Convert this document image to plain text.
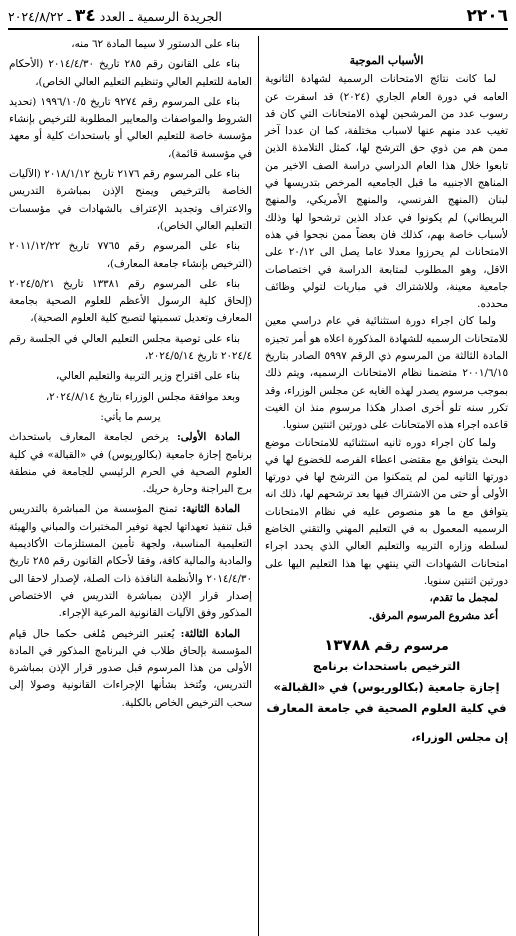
٢٢٠٦
الجريدة الرسمية ـ العدد ٣٤ ـ ٢٠٢٤/٨/٢٢
الأسباب الموجبة

لما كانت نتائج الامتحانات الرسمية لشهادة الثانوية العامه في دورة العام الجاري (٢٠٢٤) قد اسفرت عن رسوب عدد من المرشحين لهذه الامتحانات التي كان قد تغيب عدد منهم عنها لاسباب مختلفة، كما ان عددا آخر ممن هم من ذوي حق الترشح لها، كمثل التلامذة الذين تابعوا خلال هذا العام الدراسي دراسة الصف الاخير من المناهج الاجنبيه ما قبل الجامعيه المرخص بتدريسها في لبنان (المنهج الفرنسي، والمنهج الأمريكي، والمنهج البريطاني) لم يكونوا في عداد الذين ترشحوا لها وذلك لأسباب خاصة بهم، كذلك فان بعضاً ممن نجحوا في هذه الامتحانات لم يحرزوا معدلا عاما يصل الى ٢٠/١٢ على الاقل، وهو المطلوب لمتابعة الدراسة في اختصاصات جامعية معينة، وللاشتراك في مباريات لتولي وظائف محدده.

ولما كان اجراء دورة استثنائية في عام دراسي معين للامتحانات الرسميه للشهادة المذكورة اعلاه هو أمر تجيزه المادة الثالثة من المرسوم ذي الرقم ٥٩٩٧ الصادر بتاريخ ٢٠٠١/٦/١٥ متضمنا نظام الامتحانات الرسميه، ويتم ذلك بموجب مرسوم يصدر لهذه الغايه عن مجلس الوزراء، وقد تكرر سنه تلو أخرى اصدار هكذا مرسوم منذ ان الغيت قاعده اجراء هذه الامتحانات على دورتين اثنتين سنويا.

ولما كان اجراء دوره ثانيه استثنائيه للامتحانات موضع البحث يتوافق مع مقتضى اعطاء الفرصه للخضوع لها في دورتها الثانيه لمن لم يتمكنوا من الترشح لها في دورتها الأولى أو حتى من الاشتراك فيها بعد ترشحهم لها، ذلك انه يتوافق مع ما هو منصوص عليه في نظام الامتحانات الرسميه المعمول به في التعليم المهني والتقني الخاضع لسلطه وزاره التربيه والتعليم العالي الذي يحدد اجراء امتحانات الشهادات التي ينتهي بها هذا التعليم اليها على دورتين اثنتين سنويا.

لمجمل ما تقدم،

أعد مشروع المرسوم المرفق.

مرسوم رقم ١٣٧٨٨
الترخيص باستحداث برنامج
إجازة جامعية (بكالوريوس) في «القبالة»
في كلية العلوم الصحية في جامعة المعارف

إن مجلس الوزراء،

بناء على الدستور لا سيما المادة ٦٢ منه،

بناء على القانون رقم ٢٨٥ تاريخ ٢٠١٤/٤/٣٠ (الأحكام العامة للتعليم العالي وتنظيم التعليم العالي الخاص)،

بناء على المرسوم رقم ٩٢٧٤ تاريخ ١٩٩٦/١٠/٥ (تحديد الشروط والمواصفات والمعايير المطلوبة للترخيص بإنشاء مؤسسة خاصة للتعليم العالي أو باستحداث كلية أو معهد في مؤسسة قائمة)،

بناء على المرسوم رقم ٢١٧٦ تاريخ ٢٠١٨/١/١٢ (الآليات الخاصة بالترخيص ويمنح الإذن بمباشرة التدريس والاعتراف وتجديد الإعتراف بالشهادات في مؤسسات التعليم العالي الخاص)،

بناء على المرسوم رقم ٧٧٦٥ تاريخ ٢٠١١/١٢/٢٢ (الترخيص بإنشاء جامعة المعارف)،

بناء على المرسوم رقم ١٣٣٨١ تاريخ ٢٠٢٤/٥/٢١ (إلحاق كلية الرسول الأعظم للعلوم الصحية بجامعة المعارف وتعديل تسميتها لتصبح كلية العلوم الصحية)،

بناء على توصية مجلس التعليم العالي في الجلسة رقم ٢٠٢٤/٤ تاريخ ٢٠٢٤/٥/١٤،

بناء على اقتراح وزير التربية والتعليم العالي،

وبعد موافقة مجلس الوزراء بتاريخ ٢٠٢٤/٨/١٤،

يرسم ما يأتي:

المادة الأولى: يرخص لجامعة المعارف باستحداث برنامج إجازة جامعية (بكالوريوس) في «القبالة» في كلية العلوم الصحية في الحرم الرئيسي للجامعة في منطقة برج البراجنة وحارة حريك.

المادة الثانية: تمنح المؤسسة من المباشرة بالتدريس قبل تنفيذ تعهداتها لجهة توفير المختبرات والمباني والهيئة التعليمية المناسبة، ولجهة تأمين المستلزمات الأكاديمية والمادية والمالية كافة، وفقا لأحكام القانون رقم ٢٨٥ تاريخ ٢٠١٤/٤/٣٠ والأنظمة النافذة ذات الصلة، لإصدار لاحقا الى إصدار قرار الإذن بمباشرة التدريس في الاختصاص المذكور وفق الآليات القانونية المرعية الإجراء.

المادة الثالثة: يُعتبر الترخيص مُلغى حكما حال قيام المؤسسة بإلحاق طلاب في البرنامج المذكور في المادة الأولى من هذا المرسوم قبل صدور قرار الإذن بمباشرة التدريس، وتُتخذ بشأنها الإجراءات القانونية وصولا إلى سحب الترخيص الخاص بالكلية.
